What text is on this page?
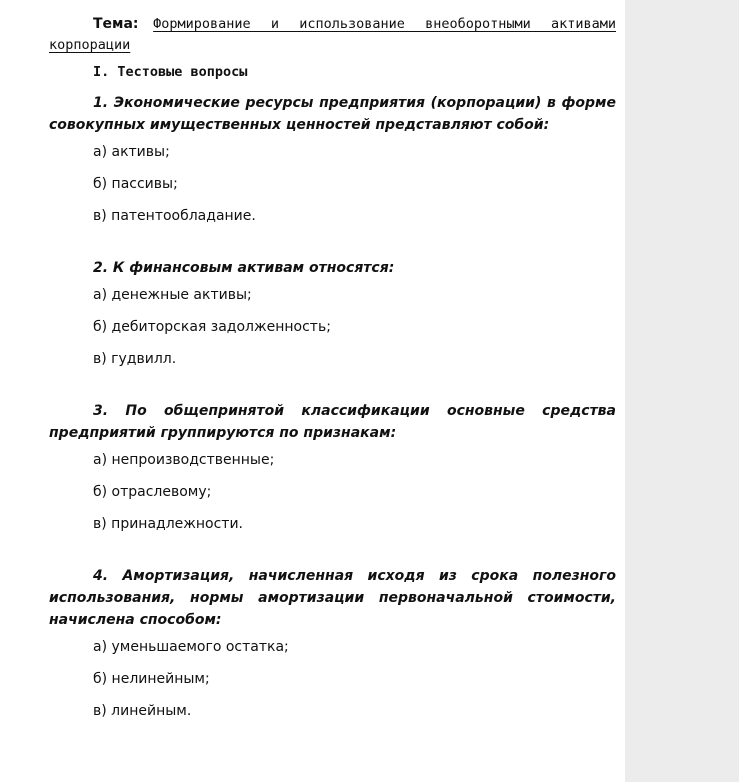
Тема: Формирование и использование внеоборотными активами корпорации

I. Тестовые вопросы

1. Экономические ресурсы предприятия (корпорации) в форме совокупных имущественных ценностей представляют собой:

а) активы;

б) пассивы;

в) патентообладание.

2. К финансовым активам относятся:

а) денежные активы;

б) дебиторская задолженность;

в) гудвилл.

3. По общепринятой классификации основные средства предприятий группируются по признакам:

а) непроизводственные;

б) отраслевому;

в) принадлежности.

4. Амортизация, начисленная исходя из срока полезного использования, нормы амортизации первоначальной стоимости, начислена способом:

а) уменьшаемого остатка;

б) нелинейным;

в) линейным.
